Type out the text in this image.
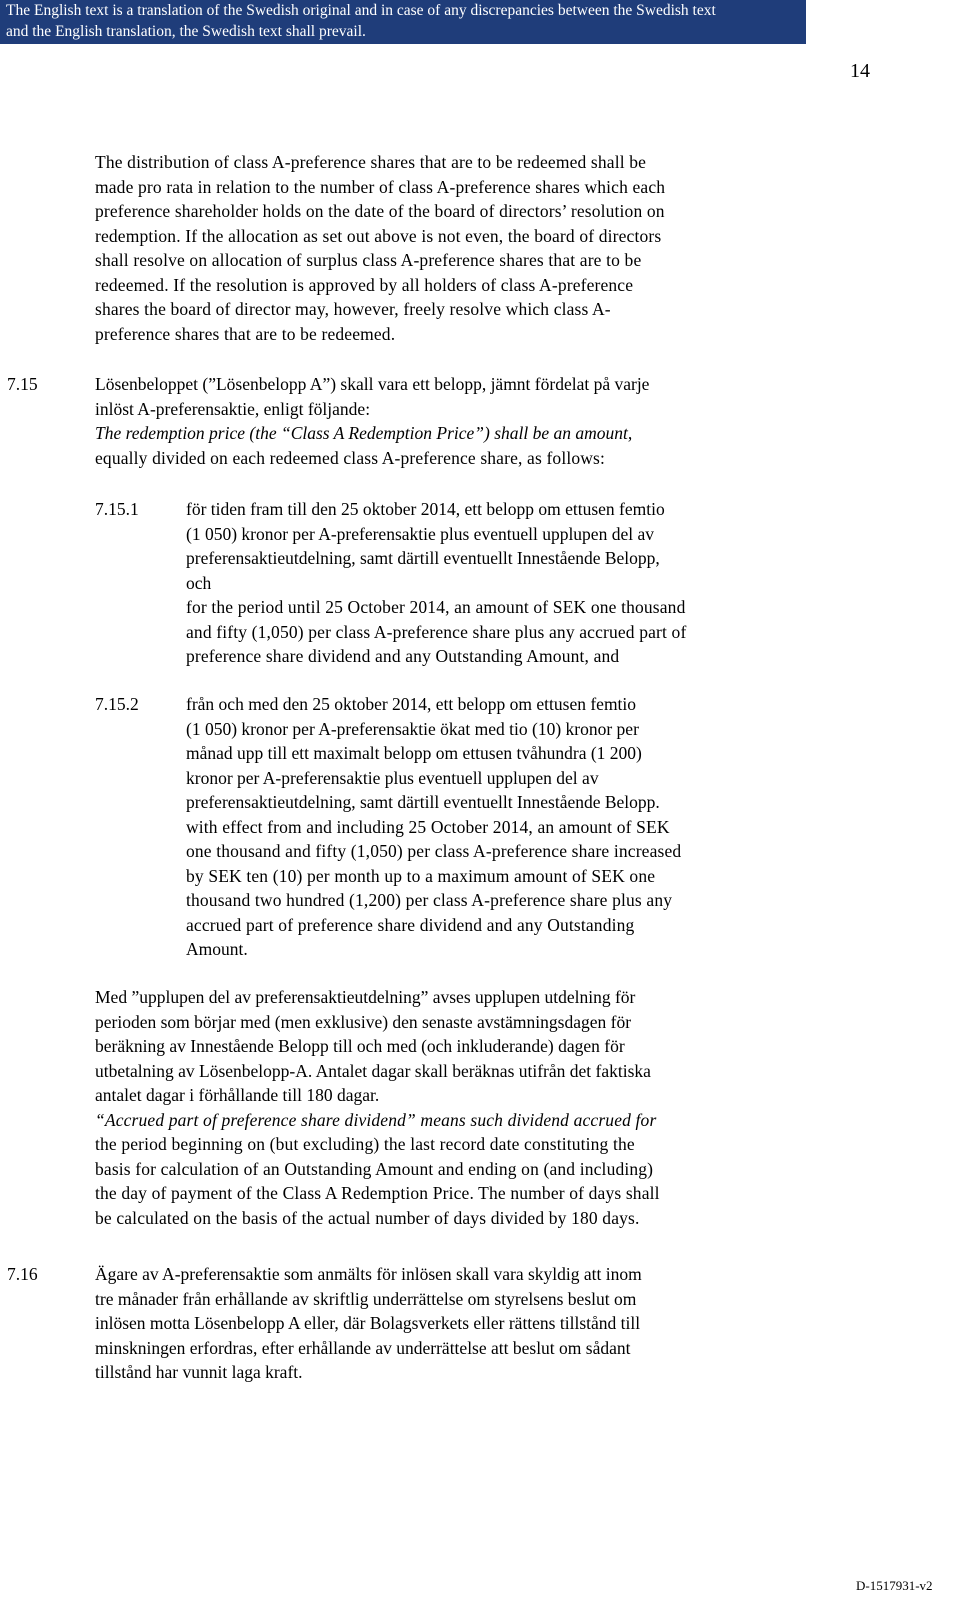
The English text is a translation of the Swedish original and in case of any discrepancies between the Swedish text
and the English translation, the Swedish text shall prevail.
14
The distribution of class A-preference shares that are to be redeemed shall be
made pro rata in relation to the number of class A-preference shares which each
preference shareholder holds on the date of the board of directors’ resolution on
redemption. If the allocation as set out above is not even, the board of directors
shall resolve on allocation of surplus class A-preference shares that are to be
redeemed. If the resolution is approved by all holders of class A-preference
shares the board of director may, however, freely resolve which class A-
preference shares that are to be redeemed.
7.15	Lösenbeloppet (”Lösenbelopp A”) skall vara ett belopp, jämnt fördelat på varje
inlöst A-preferensaktie, enligt följande:
The redemption price (the “Class A Redemption Price”) shall be an amount,
equally divided on each redeemed class A-preference share, as follows:
7.15.1	för tiden fram till den 25 oktober 2014, ett belopp om ettusen femtio
(1 050) kronor per A-preferensaktie plus eventuell upplupen del av
preferensaktieutdelning, samt därtill eventuellt Innestående Belopp,
och
for the period until 25 October 2014, an amount of SEK one thousand
and fifty (1,050) per class A-preference share plus any accrued part of
preference share dividend and any Outstanding Amount, and
7.15.2	från och med den 25 oktober 2014, ett belopp om ettusen femtio
(1 050) kronor per A-preferensaktie ökat med tio (10) kronor per
månad upp till ett maximalt belopp om ettusen tvåhundra (1 200)
kronor per A-preferensaktie plus eventuell upplupen del av
preferensaktieutdelning, samt därtill eventuellt Innestående Belopp.
with effect from and including 25 October 2014, an amount of SEK
one thousand and fifty (1,050) per class A-preference share increased
by SEK ten (10) per month up to a maximum amount of SEK one
thousand two hundred (1,200) per class A-preference share plus any
accrued part of preference share dividend and any Outstanding
Amount.
Med ”upplupen del av preferensaktieutdelning” avses upplupen utdelning för
perioden som börjar med (men exklusive) den senaste avstämningsdagen för
beräkning av Innestående Belopp till och med (och inkluderande) dagen för
utbetalning av Lösenbelopp-A. Antalet dagar skall beräknas utifrån det faktiska
antalet dagar i förhållande till 180 dagar.
“Accrued part of preference share dividend” means such dividend accrued for
the period beginning on (but excluding) the last record date constituting the
basis for calculation of an Outstanding Amount and ending on (and including)
the day of payment of the Class A Redemption Price. The number of days shall
be calculated on the basis of the actual number of days divided by 180 days.
7.16	Ägare av A-preferensaktie som anmälts för inlösen skall vara skyldig att inom
tre månader från erhållande av skriftlig underrättelse om styrelsens beslut om
inlösen motta Lösenbelopp A eller, där Bolagsverkets eller rättens tillstånd till
minskningen erfordras, efter erhållande av underrättelse att beslut om sådant
tillstånd har vunnit laga kraft.
D-1517931-v2
